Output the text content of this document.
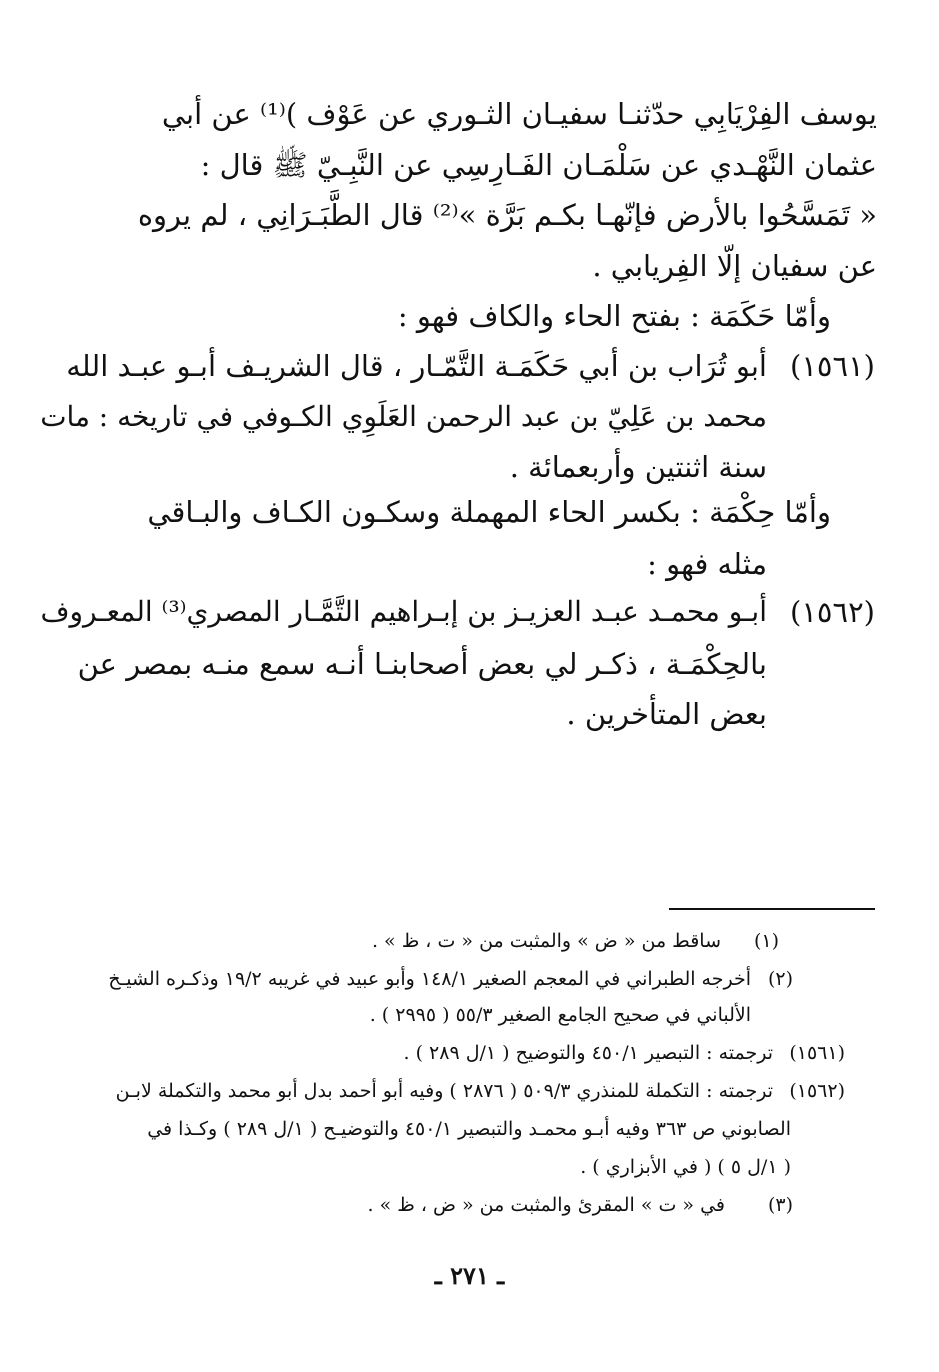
يوسف الفِرْيَابِي حدّثنـا سفيـان الثـوري عن عَوْف )⁽¹⁾ عن أبي
عثمان النَّهْـدي عن سَلْمَـان الفَـارِسِي عن النَّبِـيّ ﷺ قال :
« تَمَسَّحُوا بالأرض فإنّهـا بكـم بَرَّة »⁽²⁾ قال الطَّبَـرَانِي ، لم يروه
عن سفيان إلّا الفِريابي .
وأمّا حَكَمَة : بفتح الحاء والكاف فهو :
(١٥٦١)
أبو تُرَاب بن أبي حَكَمَـة التَّمّـار ، قال الشريـف أبـو عبـد الله
محمد بن عَلِيّ بن عبد الرحمن العَلَوِي الكـوفي في تاريخه : مات
سنة اثنتين وأربعمائة .
وأمّا حِكْمَة : بكسر الحاء المهملة وسكـون الكـاف والبـاقي
مثله فهو :
(١٥٦٢)
أبـو محمـد عبـد العزيـز بن إبـراهيم التَّمَّـار المصري⁽³⁾ المعـروف
بالحِكْمَـة ، ذكـر لي بعض أصحابنـا أنـه سمع منـه بمصر عن
بعض المتأخرين .
(١)
ساقط من « ض » والمثبت من « ت ، ظ » .
(٢)
أخرجه الطبراني في المعجم الصغير ١٤٨/١ وأبو عبيد في غريبه ١٩/٢ وذكـره الشيـخ
الألباني في صحيح الجامع الصغير ٥٥/٣ ( ٢٩٩٥ ) .
(١٥٦١)
ترجمته : التبصير ٤٥٠/١ والتوضيح ( ١/ل ٢٨٩ ) .
(١٥٦٢)
ترجمته : التكملة للمنذري ٥٠٩/٣ ( ٢٨٧٦ ) وفيه أبو أحمد بدل أبو محمد والتكملة لابـن
الصابوني ص ٣٦٣ وفيه أبـو محمـد والتبصير ٤٥٠/١ والتوضيـح ( ١/ل ٢٨٩ ) وكـذا في
( ١/ل ٥ ) ( في الأبزاري ) .
(٣)
في « ت » المقرئ والمثبت من « ض ، ظ » .
ـ ٢٧١ ـ
